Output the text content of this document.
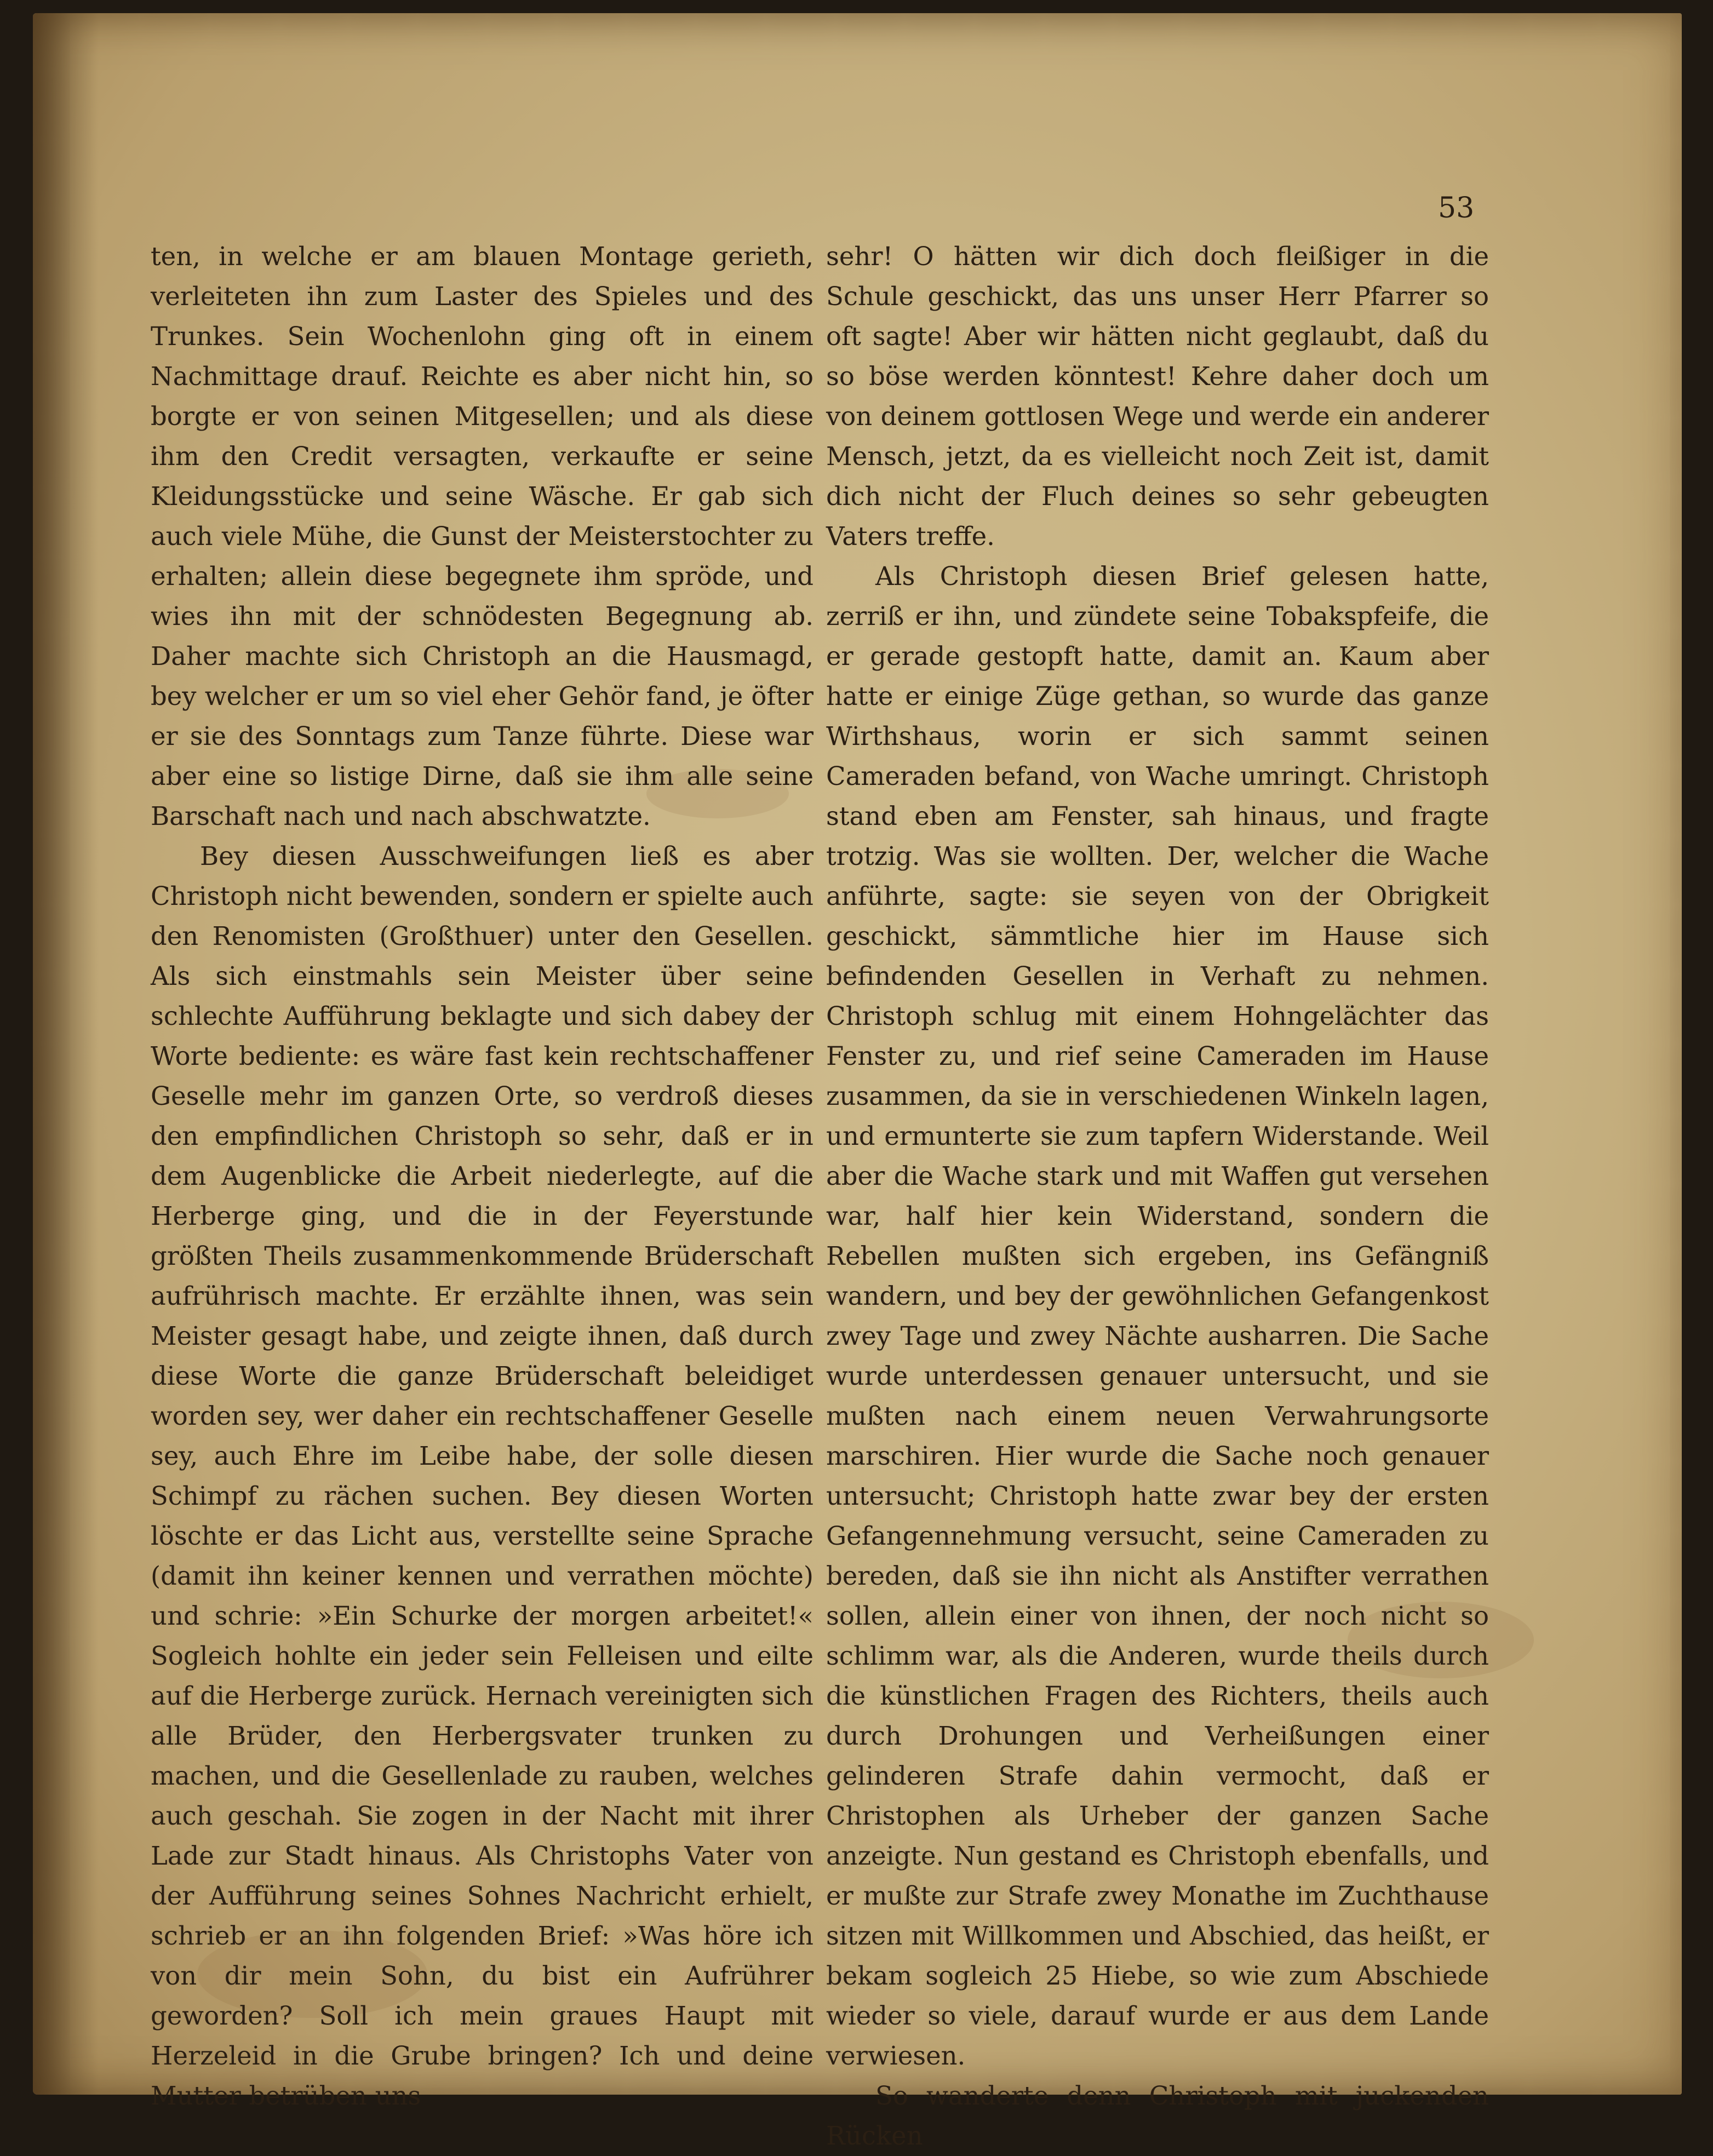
53

ten, in welche er am blauen Montage gerieth, verleiteten ihn zum Laster des Spieles und des Trunkes. Sein Wochenlohn ging oft in einem Nachmittage drauf. Reichte es aber nicht hin, so borgte er von seinen Mitgesellen; und als diese ihm den Credit versagten, verkaufte er seine Kleidungsstücke und seine Wäsche. Er gab sich auch viele Mühe, die Gunst der Meisterstochter zu erhalten; allein diese begegnete ihm spröde, und wies ihn mit der schnödesten Begegnung ab. Daher machte sich Christoph an die Hausmagd, bey welcher er um so viel eher Gehör fand, je öfter er sie des Sonntags zum Tanze führte. Diese war aber eine so listige Dirne, daß sie ihm alle seine Barschaft nach und nach abschwatzte.

Bey diesen Ausschweifungen ließ es aber Christoph nicht bewenden, sondern er spielte auch den Renomisten (Großthuer) unter den Gesellen. Als sich einstmahls sein Meister über seine schlechte Aufführung beklagte und sich dabey der Worte bediente: es wäre fast kein rechtschaffener Geselle mehr im ganzen Orte, so verdroß dieses den empfindlichen Christoph so sehr, daß er in dem Augenblicke die Arbeit niederlegte, auf die Herberge ging, und die in der Feyerstunde größten Theils zusammenkommende Brüderschaft aufrührisch machte. Er erzählte ihnen, was sein Meister gesagt habe, und zeigte ihnen, daß durch diese Worte die ganze Brüderschaft beleidiget worden sey, wer daher ein rechtschaffener Geselle sey, auch Ehre im Leibe habe, der solle diesen Schimpf zu rächen suchen. Bey diesen Worten löschte er das Licht aus, verstellte seine Sprache (damit ihn keiner kennen und verrathen möchte) und schrie: »Ein Schurke der morgen arbeitet!« Sogleich hohlte ein jeder sein Felleisen und eilte auf die Herberge zurück. Hernach vereinigten sich alle Brüder, den Herbergsvater trunken zu machen, und die Gesellenlade zu rauben, welches auch geschah. Sie zogen in der Nacht mit ihrer Lade zur Stadt hinaus. Als Christophs Vater von der Aufführung seines Sohnes Nachricht erhielt, schrieb er an ihn folgenden Brief: »Was höre ich von dir mein Sohn, du bist ein Aufrührer geworden? Soll ich mein graues Haupt mit Herzeleid in die Grube bringen? Ich und deine Mutter betrüben uns

sehr! O hätten wir dich doch fleißiger in die Schule geschickt, das uns unser Herr Pfarrer so oft sagte! Aber wir hätten nicht geglaubt, daß du so böse werden könntest! Kehre daher doch um von deinem gottlosen Wege und werde ein anderer Mensch, jetzt, da es vielleicht noch Zeit ist, damit dich nicht der Fluch deines so sehr gebeugten Vaters treffe.

Als Christoph diesen Brief gelesen hatte, zerriß er ihn, und zündete seine Tobakspfeife, die er gerade gestopft hatte, damit an. Kaum aber hatte er einige Züge gethan, so wurde das ganze Wirthshaus, worin er sich sammt seinen Cameraden befand, von Wache umringt. Christoph stand eben am Fenster, sah hinaus, und fragte trotzig. Was sie wollten. Der, welcher die Wache anführte, sagte: sie seyen von der Obrigkeit geschickt, sämmtliche hier im Hause sich befindenden Gesellen in Verhaft zu nehmen. Christoph schlug mit einem Hohngelächter das Fenster zu, und rief seine Cameraden im Hause zusammen, da sie in verschiedenen Winkeln lagen, und ermunterte sie zum tapfern Widerstande. Weil aber die Wache stark und mit Waffen gut versehen war, half hier kein Widerstand, sondern die Rebellen mußten sich ergeben, ins Gefängniß wandern, und bey der gewöhnlichen Gefangenkost zwey Tage und zwey Nächte ausharren. Die Sache wurde unterdessen genauer untersucht, und sie mußten nach einem neuen Verwahrungsorte marschiren. Hier wurde die Sache noch genauer untersucht; Christoph hatte zwar bey der ersten Gefangennehmung versucht, seine Cameraden zu bereden, daß sie ihn nicht als Anstifter verrathen sollen, allein einer von ihnen, der noch nicht so schlimm war, als die Anderen, wurde theils durch die künstlichen Fragen des Richters, theils auch durch Drohungen und Verheißungen einer gelinderen Strafe dahin vermocht, daß er Christophen als Urheber der ganzen Sache anzeigte. Nun gestand es Christoph ebenfalls, und er mußte zur Strafe zwey Monathe im Zuchthause sitzen mit Willkommen und Abschied, das heißt, er bekam sogleich 25 Hiebe, so wie zum Abschiede wieder so viele, darauf wurde er aus dem Lande verwiesen.

So wanderte denn Christoph mit juckenden Rücken
